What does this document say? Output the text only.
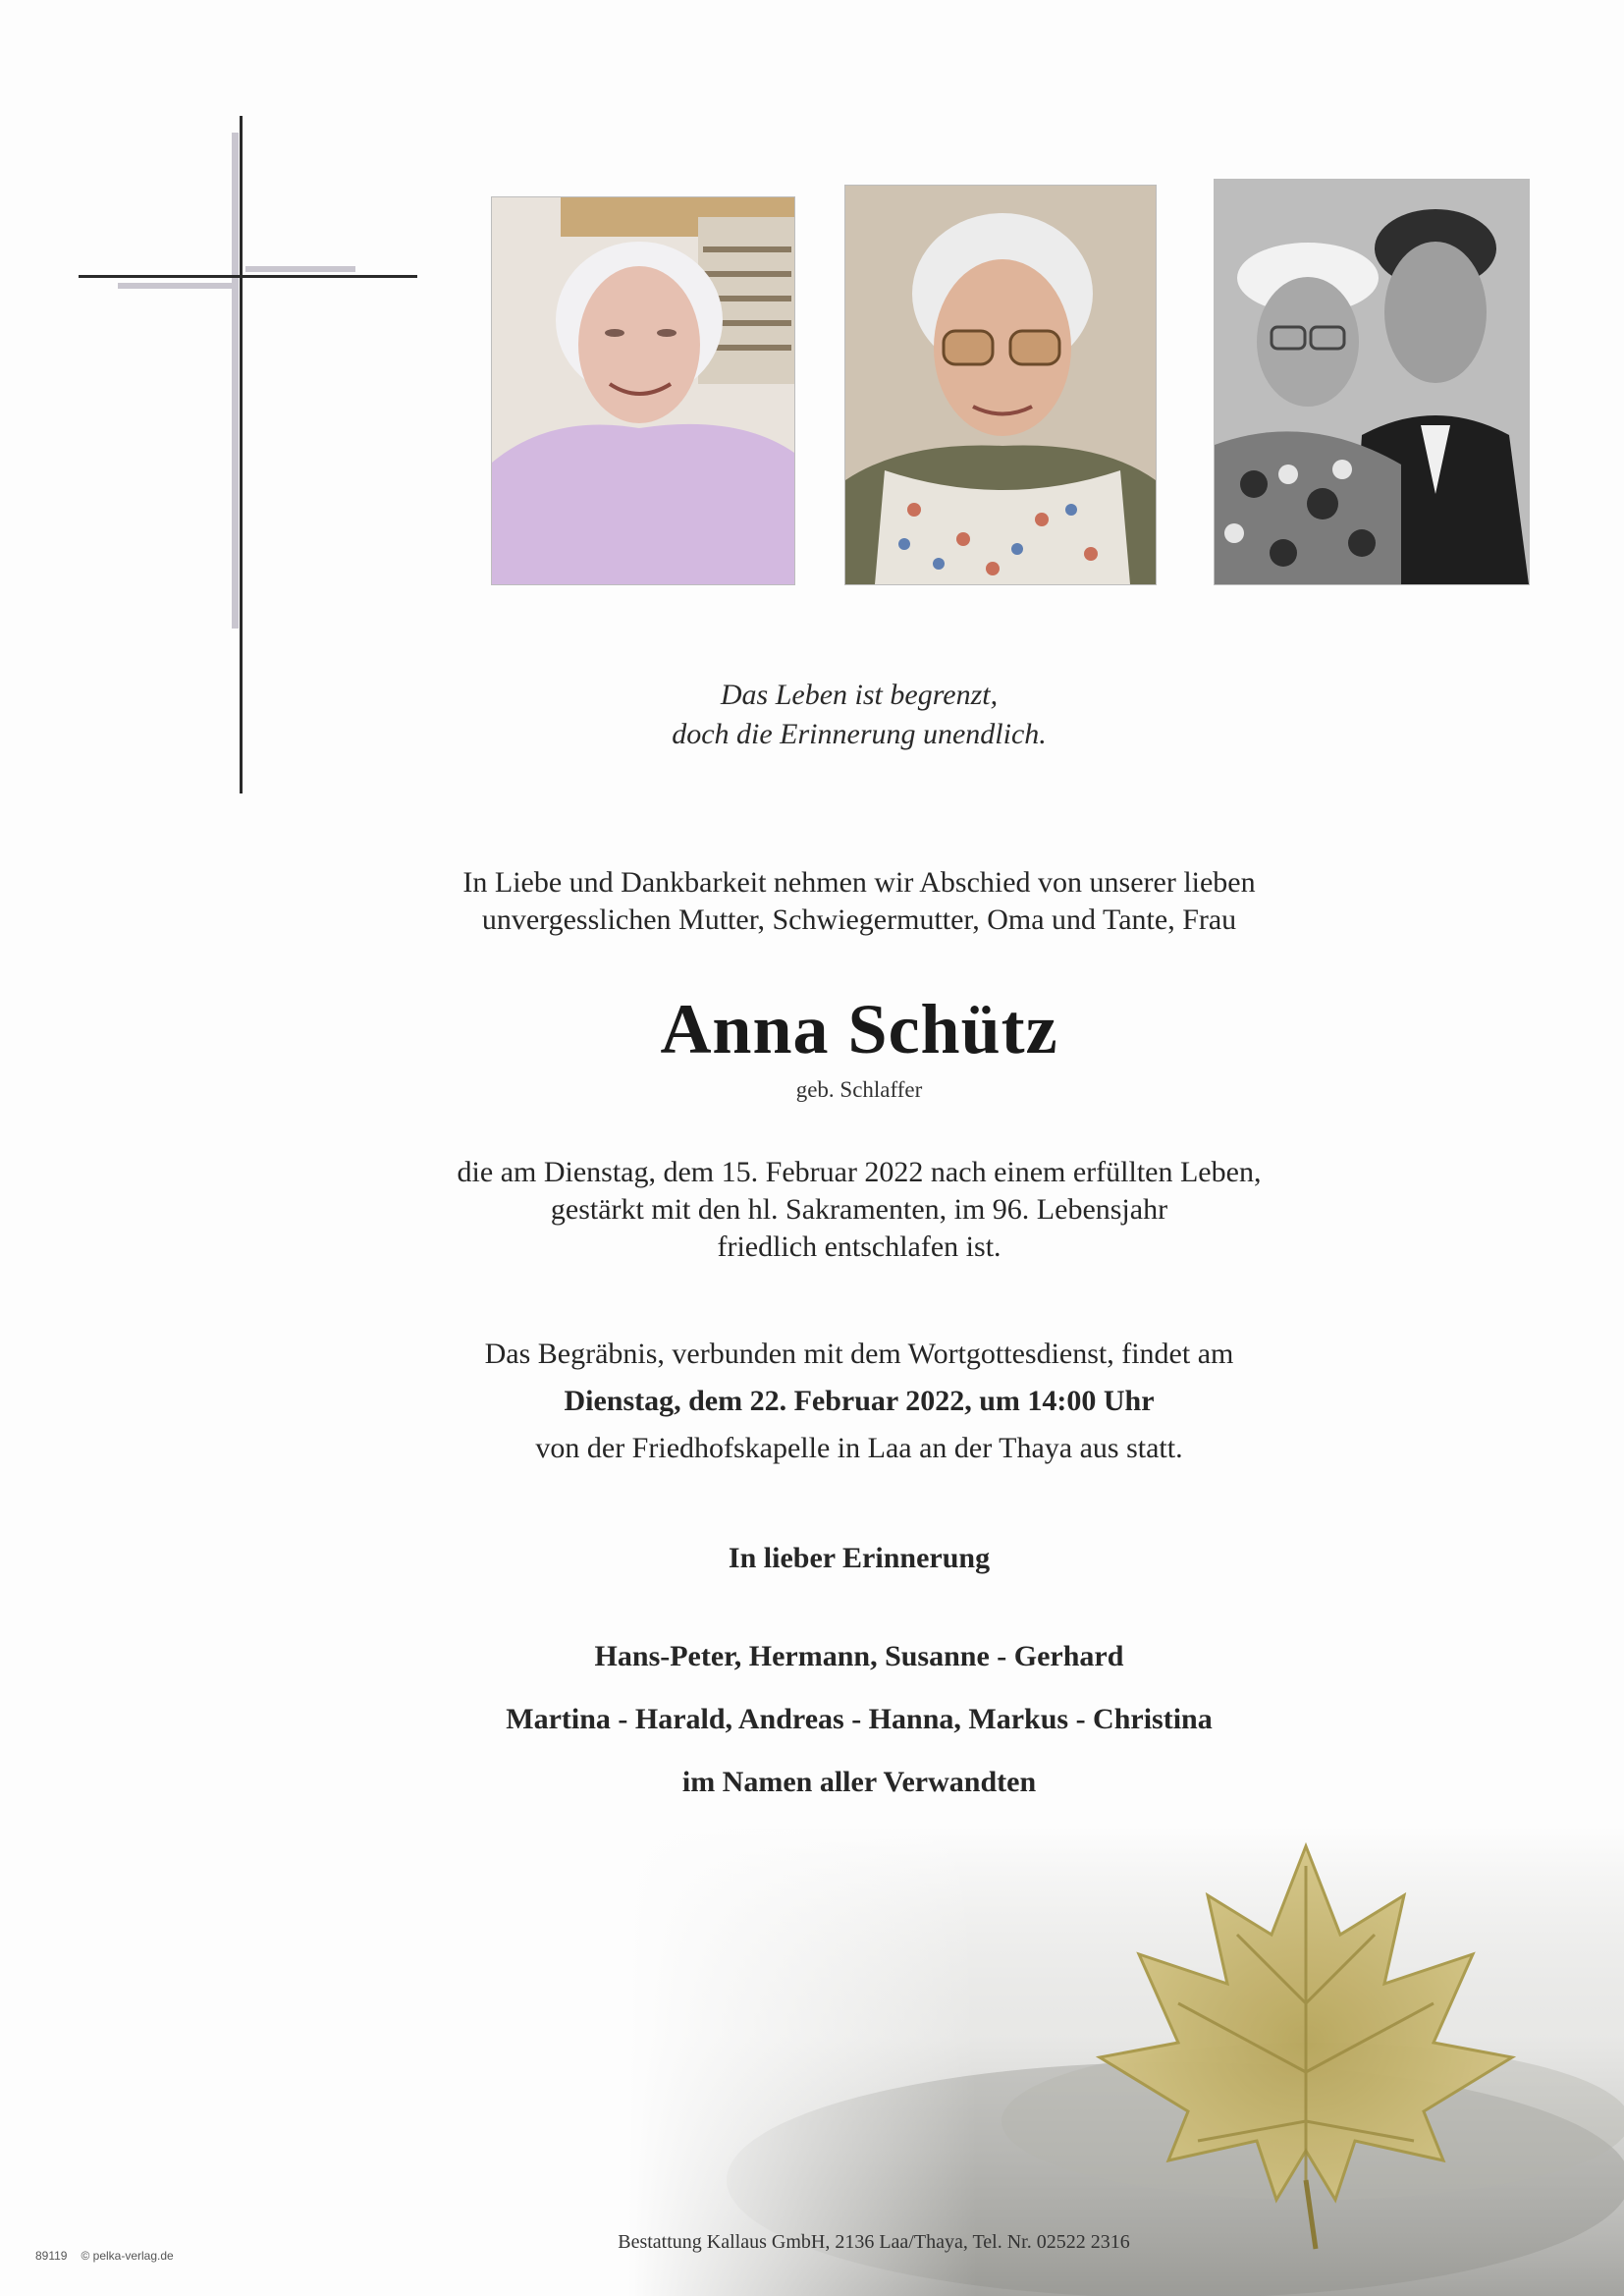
Das Leben ist begrenzt,
doch die Erinnerung unendlich.
In Liebe und Dankbarkeit nehmen wir Abschied von unserer lieben
unvergesslichen Mutter, Schwiegermutter, Oma und Tante, Frau
Anna Schütz
geb. Schlaffer
die am Dienstag, dem 15. Februar 2022 nach einem erfüllten Leben,
gestärkt mit den hl. Sakramenten, im 96. Lebensjahr
friedlich entschlafen ist.
Das Begräbnis, verbunden mit dem Wortgottesdienst, findet am
Dienstag, dem 22. Februar 2022, um 14:00 Uhr
von der Friedhofskapelle in Laa an der Thaya aus statt.
In lieber Erinnerung
Hans-Peter, Hermann, Susanne - Gerhard
Martina - Harald, Andreas - Hanna, Markus - Christina
im Namen aller Verwandten
Bestattung Kallaus GmbH, 2136 Laa/Thaya, Tel. Nr. 02522 2316
89119 © pelka-verlag.de
